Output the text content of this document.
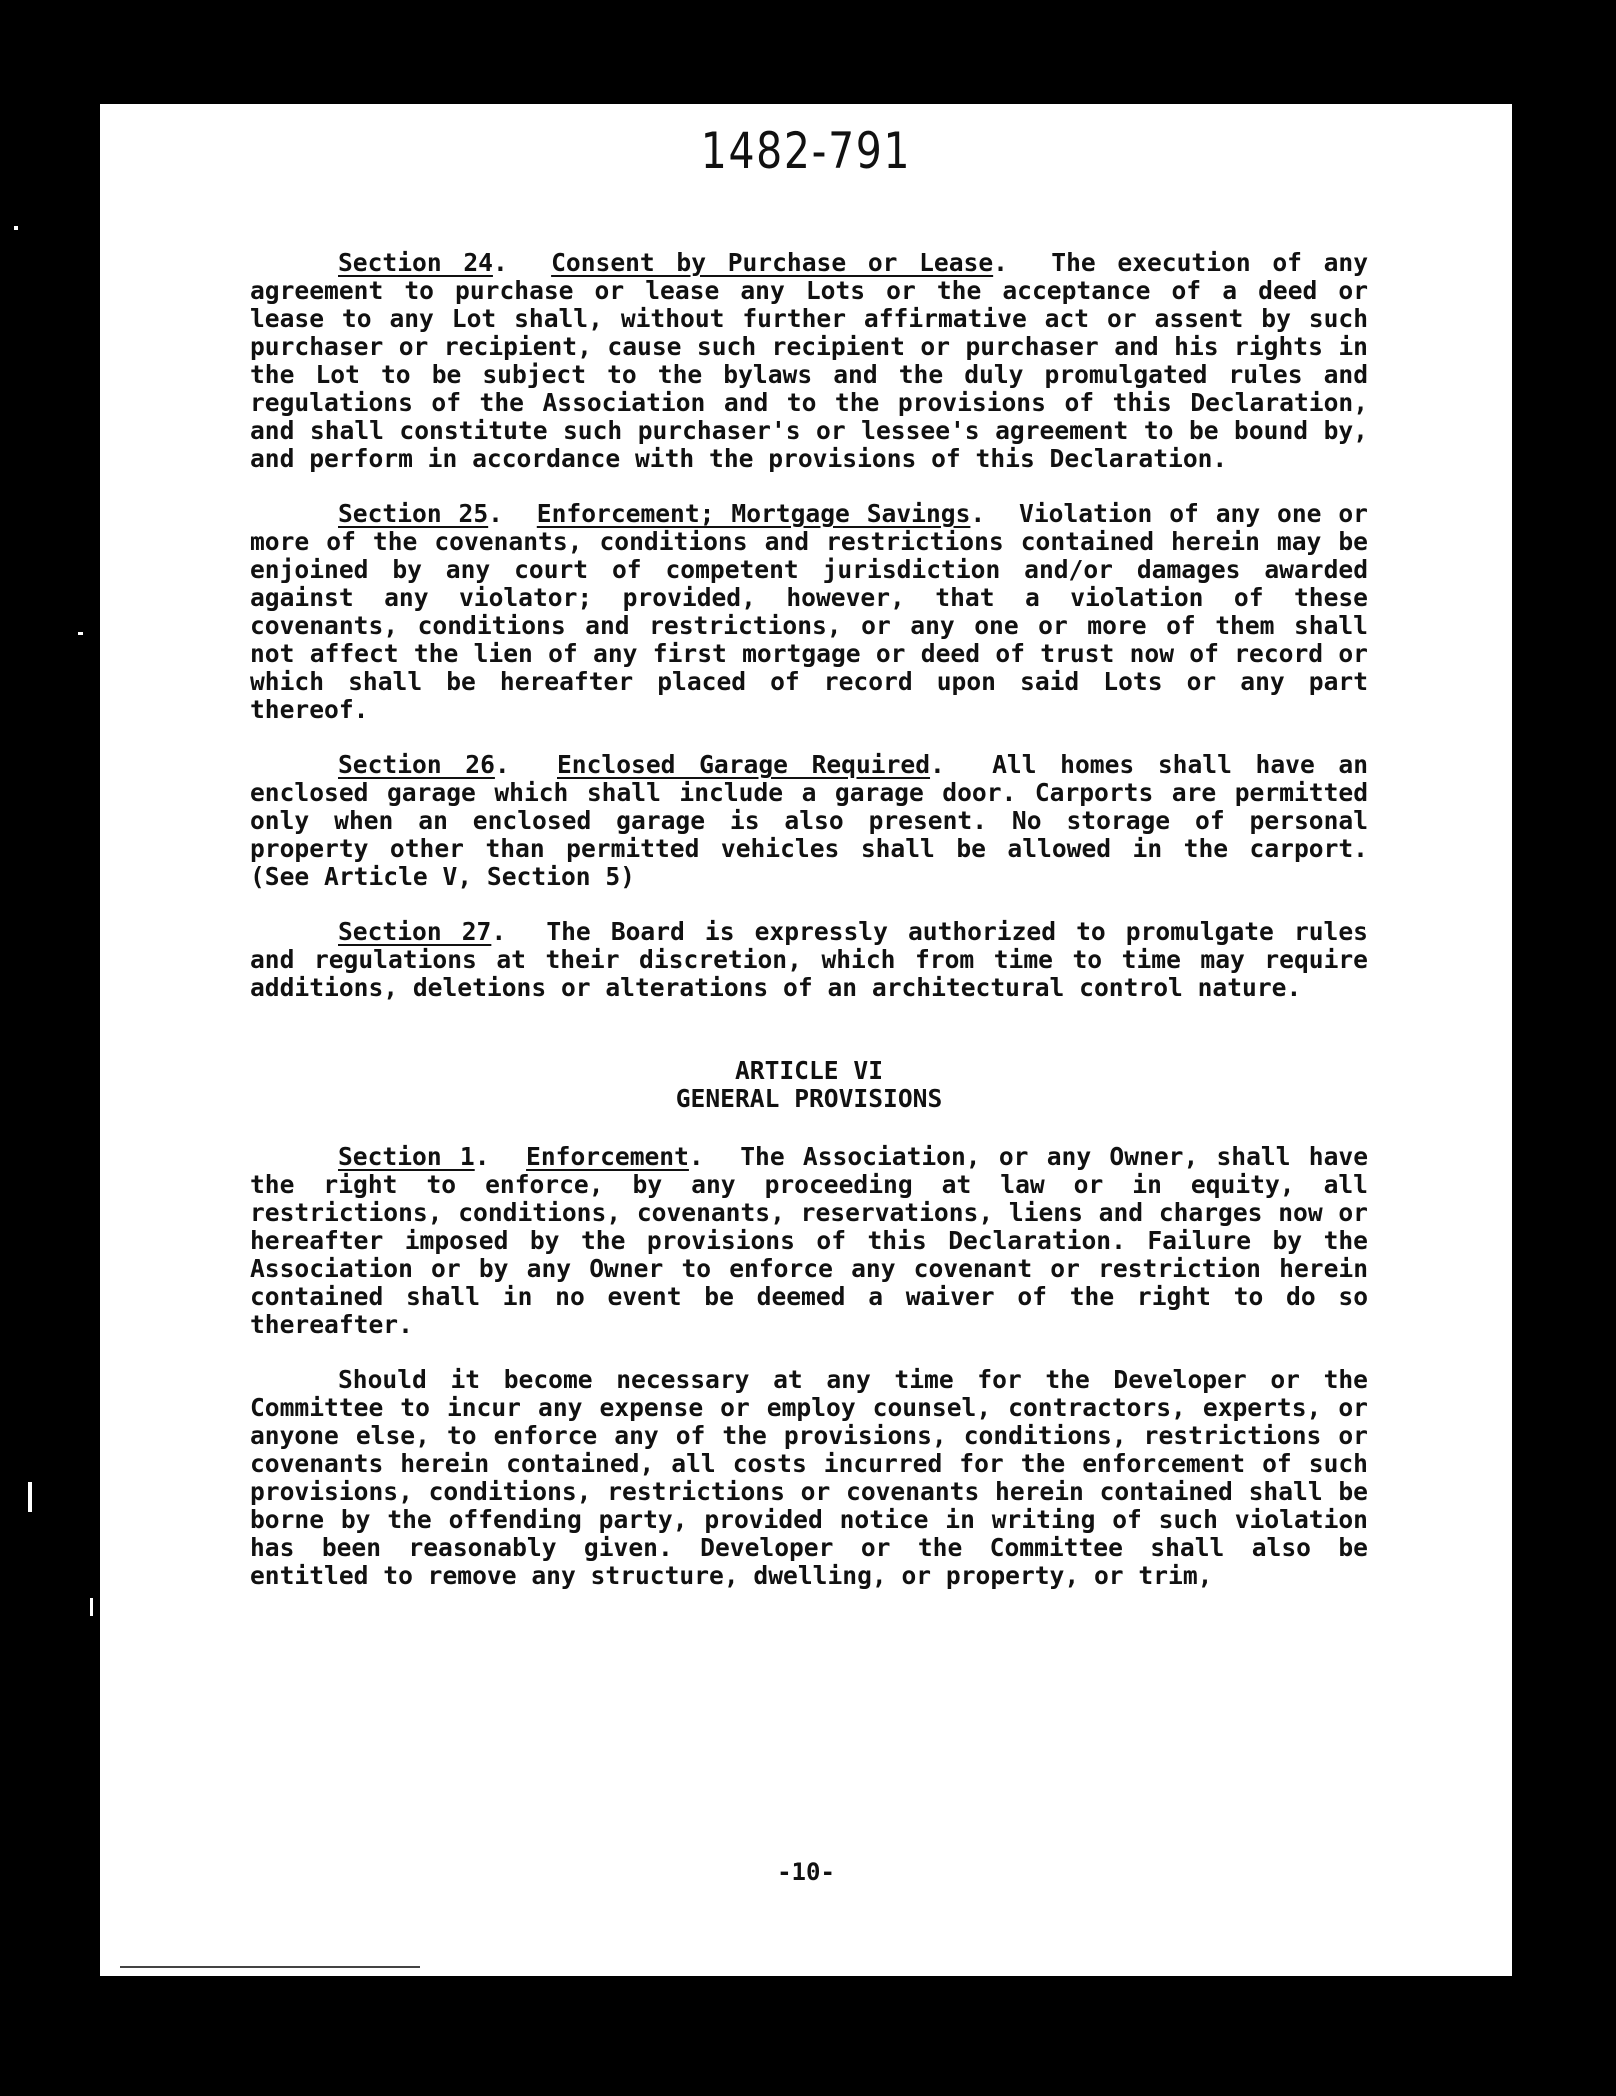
1482-791

Section 24.  Consent by Purchase or Lease.  The execution of any agreement to purchase or lease any Lots or the acceptance of a deed or lease to any Lot shall, without further affirmative act or assent by such purchaser or recipient, cause such recipient or purchaser and his rights in the Lot to be subject to the bylaws and the duly promulgated rules and regulations of the Association and to the provisions of this Declaration, and shall constitute such purchaser's or lessee's agreement to be bound by, and perform in accordance with the provisions of this Declaration.

Section 25.  Enforcement; Mortgage Savings.  Violation of any one or more of the covenants, conditions and restrictions contained herein may be enjoined by any court of competent jurisdiction and/or damages awarded against any violator; provided, however, that a violation of these covenants, conditions and restrictions, or any one or more of them shall not affect the lien of any first mortgage or deed of trust now of record or which shall be hereafter placed of record upon said Lots or any part thereof.

Section 26.  Enclosed Garage Required.  All homes shall have an enclosed garage which shall include a garage door. Carports are permitted only when an enclosed garage is also present. No storage of personal property other than permitted vehicles shall be allowed in the carport. (See Article V, Section 5)

Section 27.  The Board is expressly authorized to promulgate rules and regulations at their discretion, which from time to time may require additions, deletions or alterations of an architectural control nature.

ARTICLE VI
GENERAL PROVISIONS

Section 1.  Enforcement.  The Association, or any Owner, shall have the right to enforce, by any proceeding at law or in equity, all restrictions, conditions, covenants, reservations, liens and charges now or hereafter imposed by the provisions of this Declaration. Failure by the Association or by any Owner to enforce any covenant or restriction herein contained shall in no event be deemed a waiver of the right to do so thereafter.

Should it become necessary at any time for the Developer or the Committee to incur any expense or employ counsel, contractors, experts, or anyone else, to enforce any of the provisions, conditions, restrictions or covenants herein contained, all costs incurred for the enforcement of such provisions, conditions, restrictions or covenants herein contained shall be borne by the offending party, provided notice in writing of such violation has been reasonably given. Developer or the Committee shall also be entitled to remove any structure, dwelling, or property, or trim,

-10-
